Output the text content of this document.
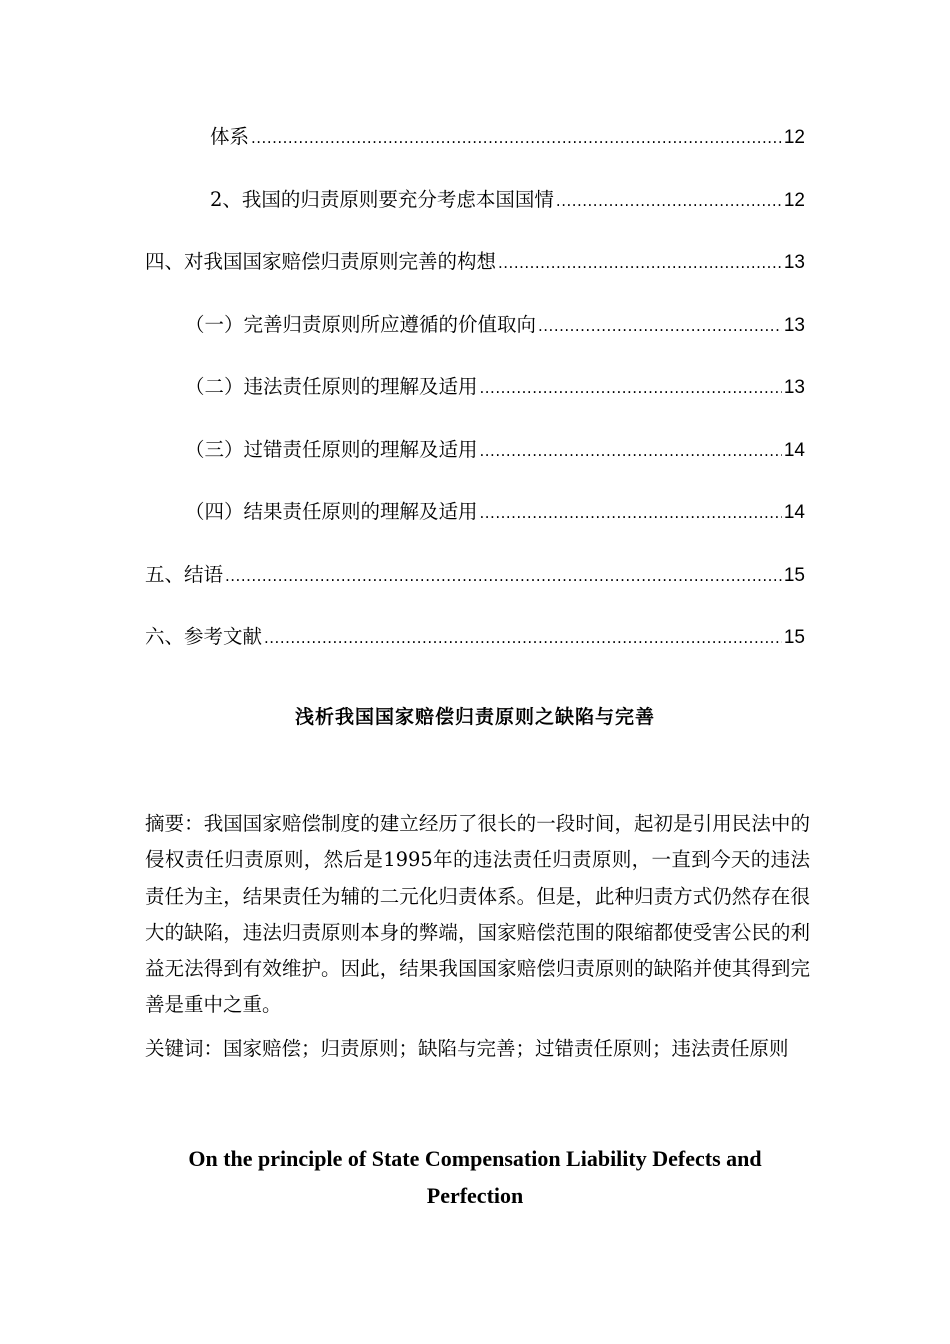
体系 .....	12
2、我国的归责原则要充分考虑本国国情 .....	12
四、对我国国家赔偿归责原则完善的构想 .....	13
（一）完善归责原则所应遵循的价值取向 .....	13
（二）违法责任原则的理解及适用 .....	13
（三）过错责任原则的理解及适用 .....	14
（四）结果责任原则的理解及适用 .....	14
五、结语 .....	15
六、参考文献 .....	15
浅析我国国家赔偿归责原则之缺陷与完善
摘要：我国国家赔偿制度的建立经历了很长的一段时间，起初是引用民法中的侵权责任归责原则，然后是1995年的违法责任归责原则，一直到今天的违法责任为主，结果责任为辅的二元化归责体系。但是，此种归责方式仍然存在很大的缺陷，违法归责原则本身的弊端，国家赔偿范围的限缩都使受害公民的利益无法得到有效维护。因此，结果我国国家赔偿归责原则的缺陷并使其得到完善是重中之重。
关键词：国家赔偿；归责原则；缺陷与完善；过错责任原则；违法责任原则
On the principle of State Compensation Liability Defects and
Perfection
